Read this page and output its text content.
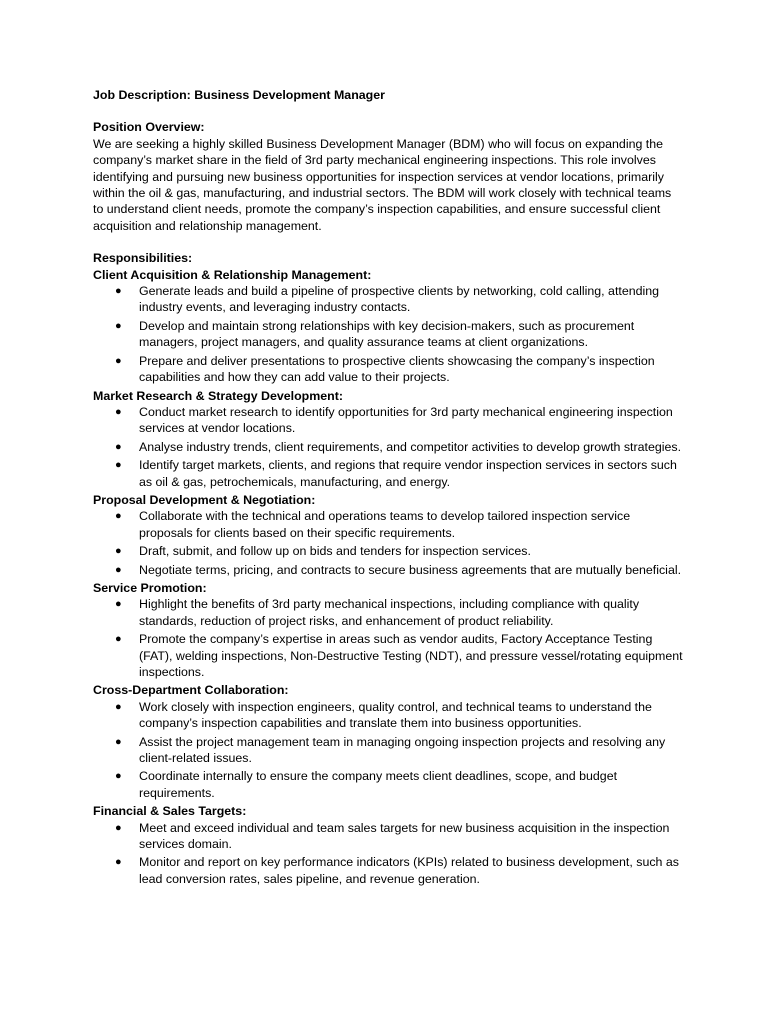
Job Description: Business Development Manager
Position Overview:

We are seeking a highly skilled Business Development Manager (BDM) who will focus on expanding the company’s market share in the field of 3rd party mechanical engineering inspections. This role involves identifying and pursuing new business opportunities for inspection services at vendor locations, primarily within the oil & gas, manufacturing, and industrial sectors. The BDM will work closely with technical teams to understand client needs, promote the company’s inspection capabilities, and ensure successful client acquisition and relationship management.

Responsibilities:
Client Acquisition & Relationship Management:
● Generate leads and build a pipeline of prospective clients by networking, cold calling, attending industry events, and leveraging industry contacts.
● Develop and maintain strong relationships with key decision-makers, such as procurement managers, project managers, and quality assurance teams at client organizations.
● Prepare and deliver presentations to prospective clients showcasing the company’s inspection capabilities and how they can add value to their projects.
Market Research & Strategy Development:
● Conduct market research to identify opportunities for 3rd party mechanical engineering inspection services at vendor locations.
● Analyse industry trends, client requirements, and competitor activities to develop growth strategies.
● Identify target markets, clients, and regions that require vendor inspection services in sectors such as oil & gas, petrochemicals, manufacturing, and energy.
Proposal Development & Negotiation:
● Collaborate with the technical and operations teams to develop tailored inspection service proposals for clients based on their specific requirements.
● Draft, submit, and follow up on bids and tenders for inspection services.
● Negotiate terms, pricing, and contracts to secure business agreements that are mutually beneficial.
Service Promotion:
● Highlight the benefits of 3rd party mechanical inspections, including compliance with quality standards, reduction of project risks, and enhancement of product reliability.
● Promote the company’s expertise in areas such as vendor audits, Factory Acceptance Testing (FAT), welding inspections, Non-Destructive Testing (NDT), and pressure vessel/rotating equipment inspections.
Cross-Department Collaboration:
● Work closely with inspection engineers, quality control, and technical teams to understand the company’s inspection capabilities and translate them into business opportunities.
● Assist the project management team in managing ongoing inspection projects and resolving any client-related issues.
● Coordinate internally to ensure the company meets client deadlines, scope, and budget requirements.
Financial & Sales Targets:
● Meet and exceed individual and team sales targets for new business acquisition in the inspection services domain.
● Monitor and report on key performance indicators (KPIs) related to business development, such as lead conversion rates, sales pipeline, and revenue generation.
